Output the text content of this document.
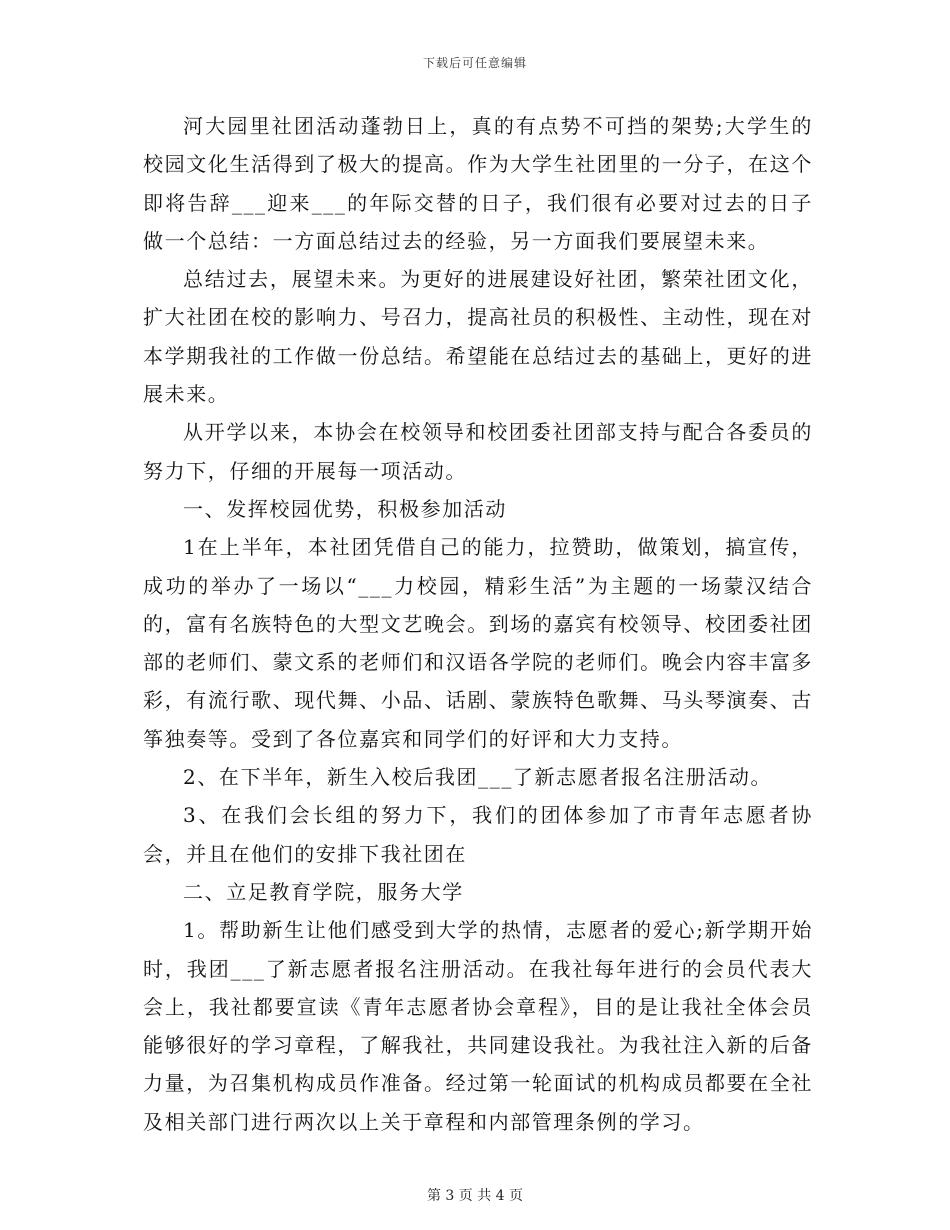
下载后可任意编辑

河大园里社团活动蓬勃日上，真的有点势不可挡的架势;大学生的校园文化生活得到了极大的提高。作为大学生社团里的一分子，在这个即将告辞___迎来___的年际交替的日子，我们很有必要对过去的日子做一个总结：一方面总结过去的经验，另一方面我们要展望未来。

总结过去，展望未来。为更好的进展建设好社团，繁荣社团文化，扩大社团在校的影响力、号召力，提高社员的积极性、主动性，现在对本学期我社的工作做一份总结。希望能在总结过去的基础上，更好的进展未来。

从开学以来，本协会在校领导和校团委社团部支持与配合各委员的努力下，仔细的开展每一项活动。

一、发挥校园优势，积极参加活动

1在上半年，本社团凭借自己的能力，拉赞助，做策划，搞宣传，成功的举办了一场以“___力校园，精彩生活”为主题的一场蒙汉结合的，富有名族特色的大型文艺晚会。到场的嘉宾有校领导、校团委社团部的老师们、蒙文系的老师们和汉语各学院的老师们。晚会内容丰富多彩，有流行歌、现代舞、小品、话剧、蒙族特色歌舞、马头琴演奏、古筝独奏等。受到了各位嘉宾和同学们的好评和大力支持。

2、在下半年，新生入校后我团___了新志愿者报名注册活动。

3、在我们会长组的努力下，我们的团体参加了市青年志愿者协会，并且在他们的安排下我社团在

二、立足教育学院，服务大学

1。帮助新生让他们感受到大学的热情，志愿者的爱心;新学期开始时，我团___了新志愿者报名注册活动。在我社每年进行的会员代表大会上，我社都要宣读《青年志愿者协会章程》，目的是让我社全体会员能够很好的学习章程，了解我社，共同建设我社。为我社注入新的后备力量，为召集机构成员作准备。经过第一轮面试的机构成员都要在全社及相关部门进行两次以上关于章程和内部管理条例的学习。

第 3 页 共 4 页
